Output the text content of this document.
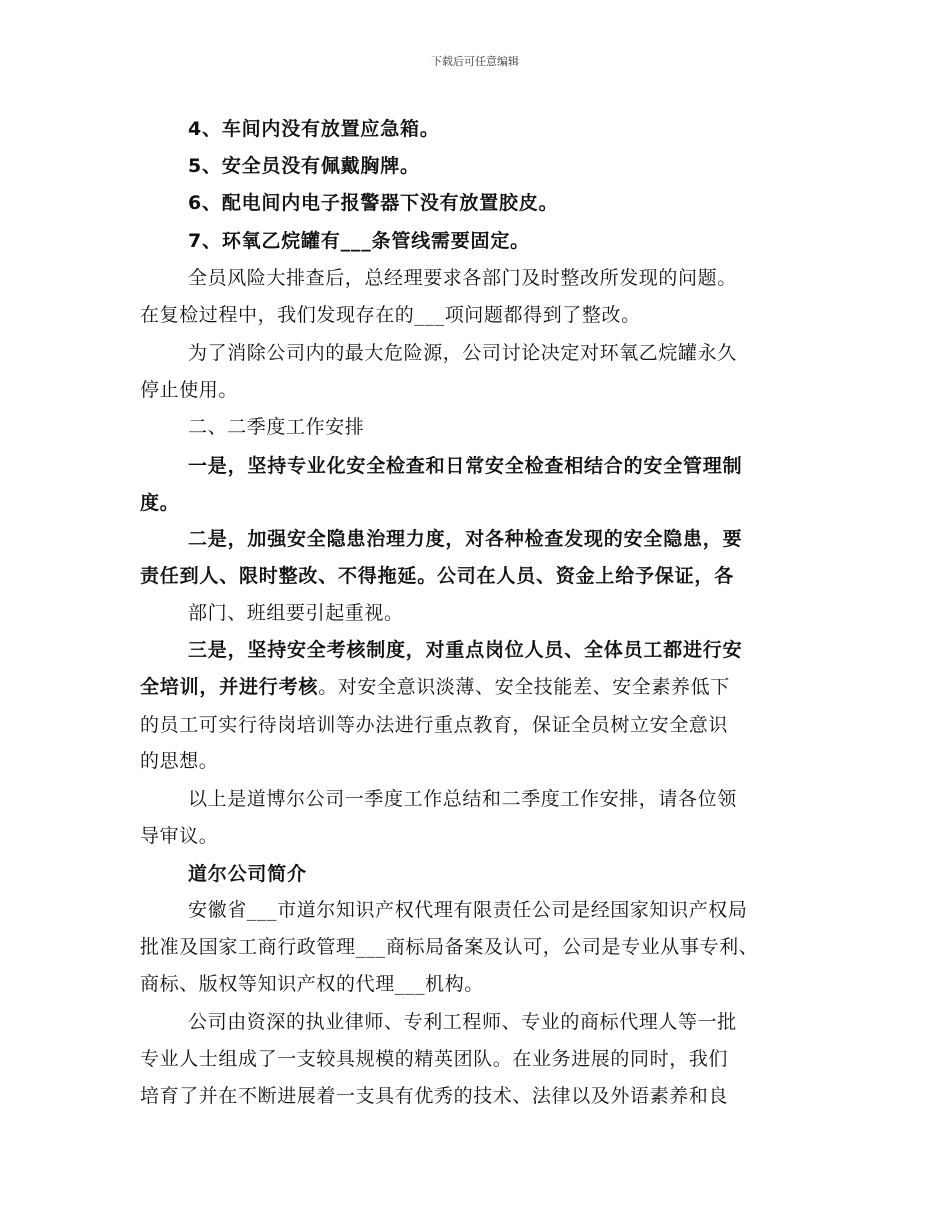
下载后可任意编辑
4、车间内没有放置应急箱。
5、安全员没有佩戴胸牌。
6、配电间内电子报警器下没有放置胶皮。
7、环氧乙烷罐有___条管线需要固定。
全员风险大排查后，总经理要求各部门及时整改所发现的问题。
在复检过程中，我们发现存在的___项问题都得到了整改。
为了消除公司内的最大危险源，公司讨论决定对环氧乙烷罐永久
停止使用。
二、二季度工作安排
一是，坚持专业化安全检查和日常安全检查相结合的安全管理制
度。
二是，加强安全隐患治理力度，对各种检查发现的安全隐患，要
责任到人、限时整改、不得拖延。公司在人员、资金上给予保证，各
部门、班组要引起重视。
三是，坚持安全考核制度，对重点岗位人员、全体员工都进行安
全培训，并进行考核。对安全意识淡薄、安全技能差、安全素养低下
的员工可实行待岗培训等办法进行重点教育，保证全员树立安全意识
的思想。
以上是道博尔公司一季度工作总结和二季度工作安排，请各位领
导审议。
道尔公司简介
安徽省___市道尔知识产权代理有限责任公司是经国家知识产权局
批准及国家工商行政管理___商标局备案及认可，公司是专业从事专利、
商标、版权等知识产权的代理___机构。
公司由资深的执业律师、专利工程师、专业的商标代理人等一批
专业人士组成了一支较具规模的精英团队。在业务进展的同时，我们
培育了并在不断进展着一支具有优秀的技术、法律以及外语素养和良
